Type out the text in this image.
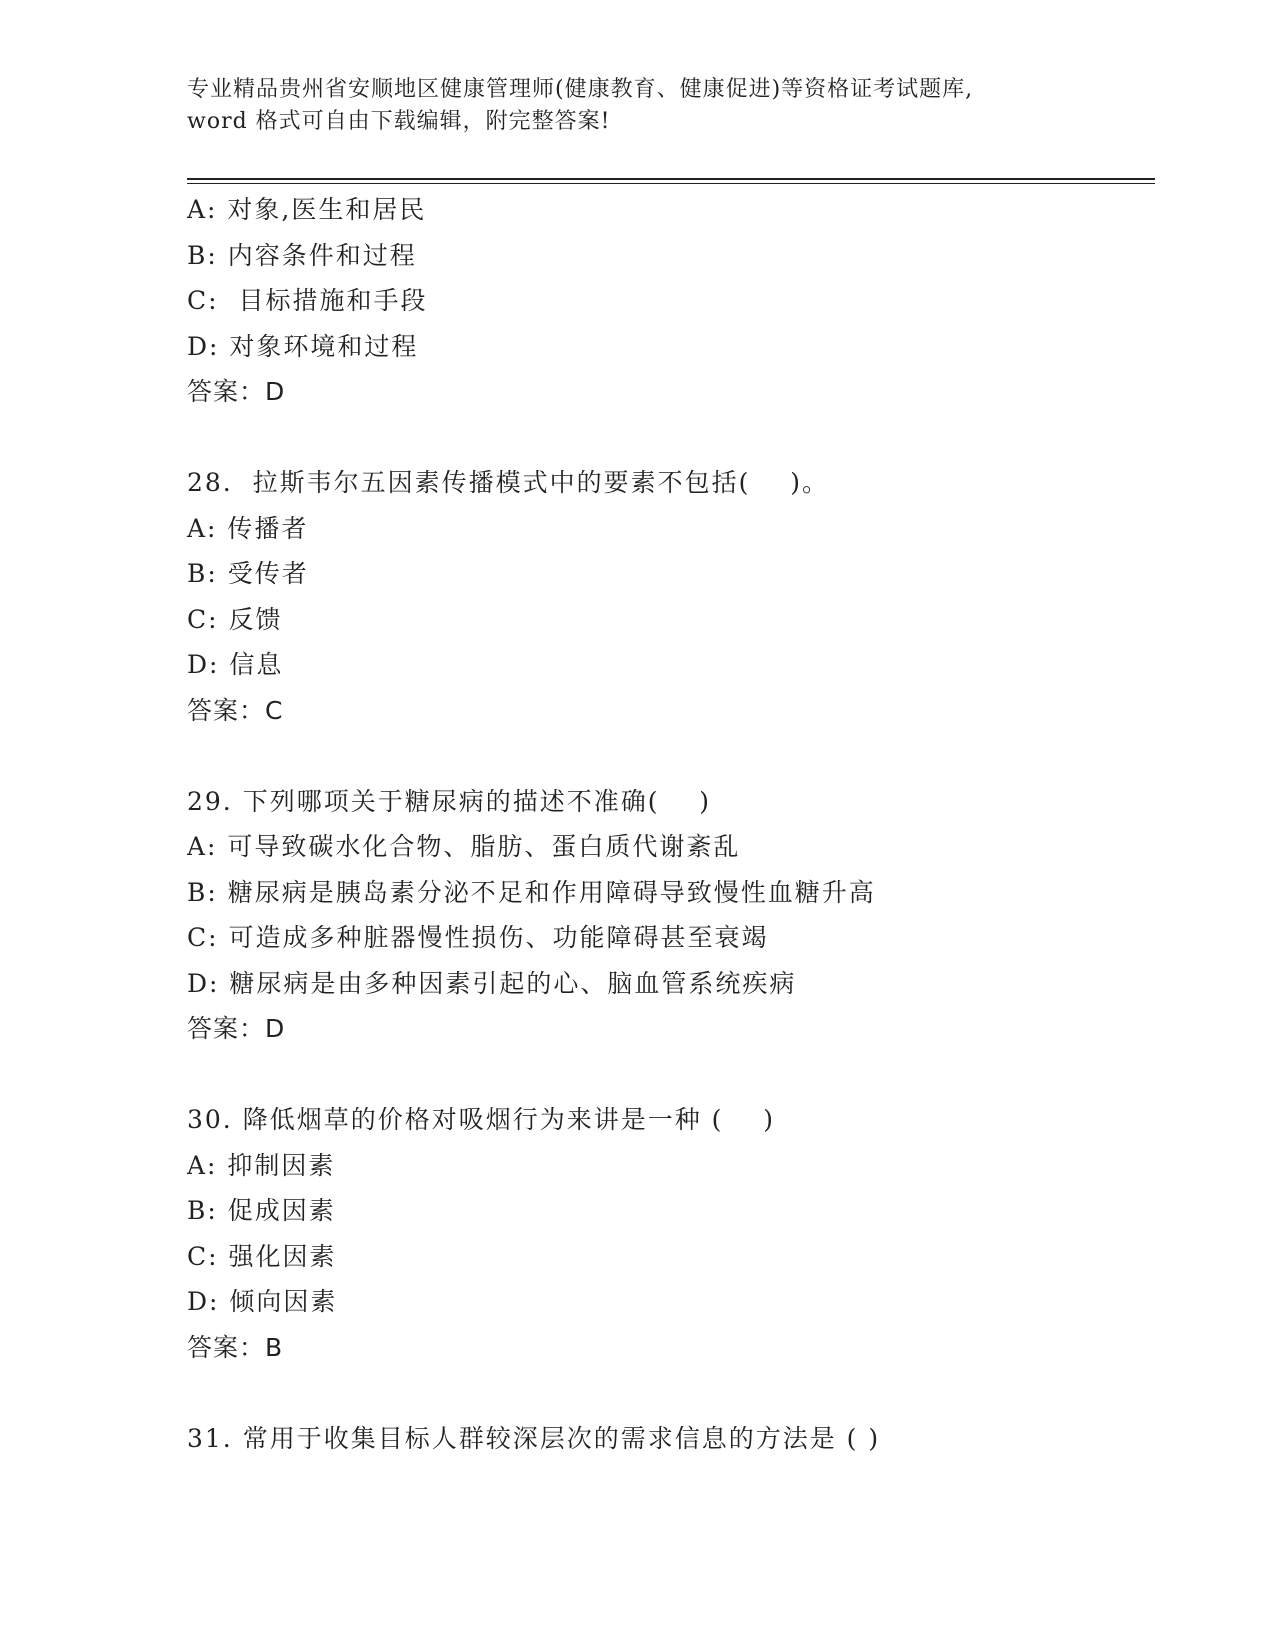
专业精品贵州省安顺地区健康管理师(健康教育、健康促进)等资格证考试题库,
word 格式可自由下载编辑，附完整答案!
A: 对象,医生和居民
B: 内容条件和过程
C:  目标措施和手段
D: 对象环境和过程
答案：D
28.  拉斯韦尔五因素传播模式中的要素不包括(    )。
A: 传播者
B: 受传者
C: 反馈
D: 信息
答案：C
29. 下列哪项关于糖尿病的描述不准确(    )
A: 可导致碳水化合物、脂肪、蛋白质代谢紊乱
B: 糖尿病是胰岛素分泌不足和作用障碍导致慢性血糖升高
C: 可造成多种脏器慢性损伤、功能障碍甚至衰竭
D: 糖尿病是由多种因素引起的心、脑血管系统疾病
答案：D
30. 降低烟草的价格对吸烟行为来讲是一种 (    )
A: 抑制因素
B: 促成因素
C: 强化因素
D: 倾向因素
答案：B
31. 常用于收集目标人群较深层次的需求信息的方法是 ( )
